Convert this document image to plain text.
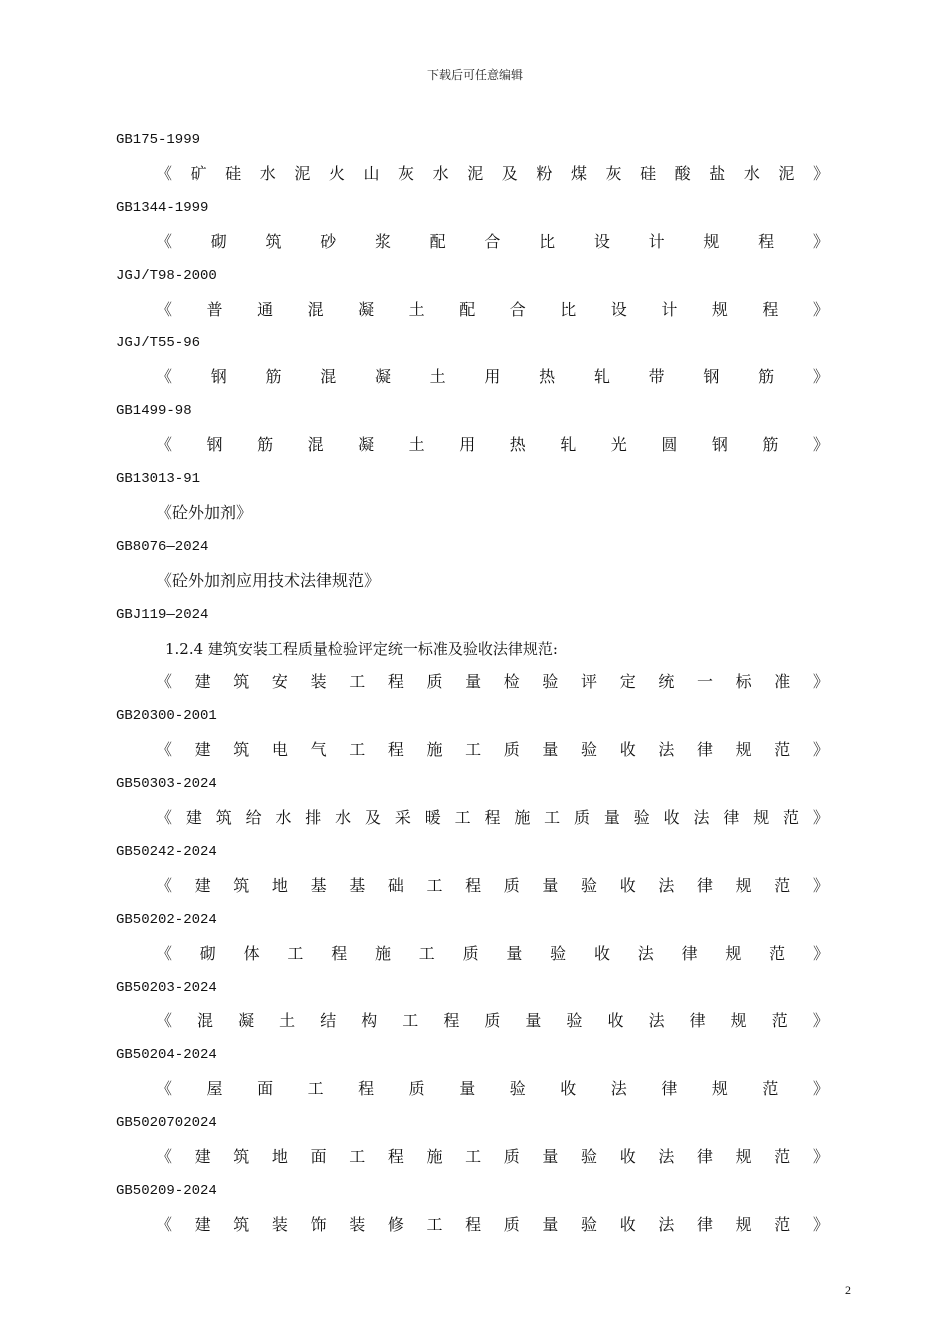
下载后可任意编辑
GB175-1999
《 矿 硅 水 泥 火 山 灰 水 泥 及 粉 煤 灰 硅 酸 盐 水 泥 》
GB1344-1999
《 砌 筑 砂 浆 配 合 比 设 计 规 程 》
JGJ/T98-2000
《 普 通 混 凝 土 配 合 比 设 计 规 程 》
JGJ/T55-96
《 钢 筋 混 凝 土 用 热 轧 带 钢 筋 》
GB1499-98
《 钢 筋 混 凝 土 用 热 轧 光 圆 钢 筋 》
GB13013-91
《砼外加剂》
GB8076—2024
《砼外加剂应用技术法律规范》
GBJ119—2024
1.2.4 建筑安装工程质量检验评定统一标准及验收法律规范:
《 建 筑 安 装 工 程 质 量 检 验 评 定 统 一 标 准 》
GB20300-2001
《 建 筑 电 气 工 程 施 工 质 量 验 收 法 律 规 范 》
GB50303-2024
《 建 筑 给 水 排 水 及 采 暖 工 程 施 工 质 量 验 收 法 律 规 范 》
GB50242-2024
《 建 筑 地 基 基 础 工 程 质 量 验 收 法 律 规 范 》
GB50202-2024
《 砌 体 工 程 施 工 质 量 验 收 法 律 规 范 》
GB50203-2024
《 混 凝 土 结 构 工 程 质 量 验 收 法 律 规 范 》
GB50204-2024
《 屋 面 工 程 质 量 验 收 法 律 规 范 》
GB5020702024
《 建 筑 地 面 工 程 施 工 质 量 验 收 法 律 规 范 》
GB50209-2024
《 建 筑 装 饰 装 修 工 程 质 量 验 收 法 律 规 范 》
2
